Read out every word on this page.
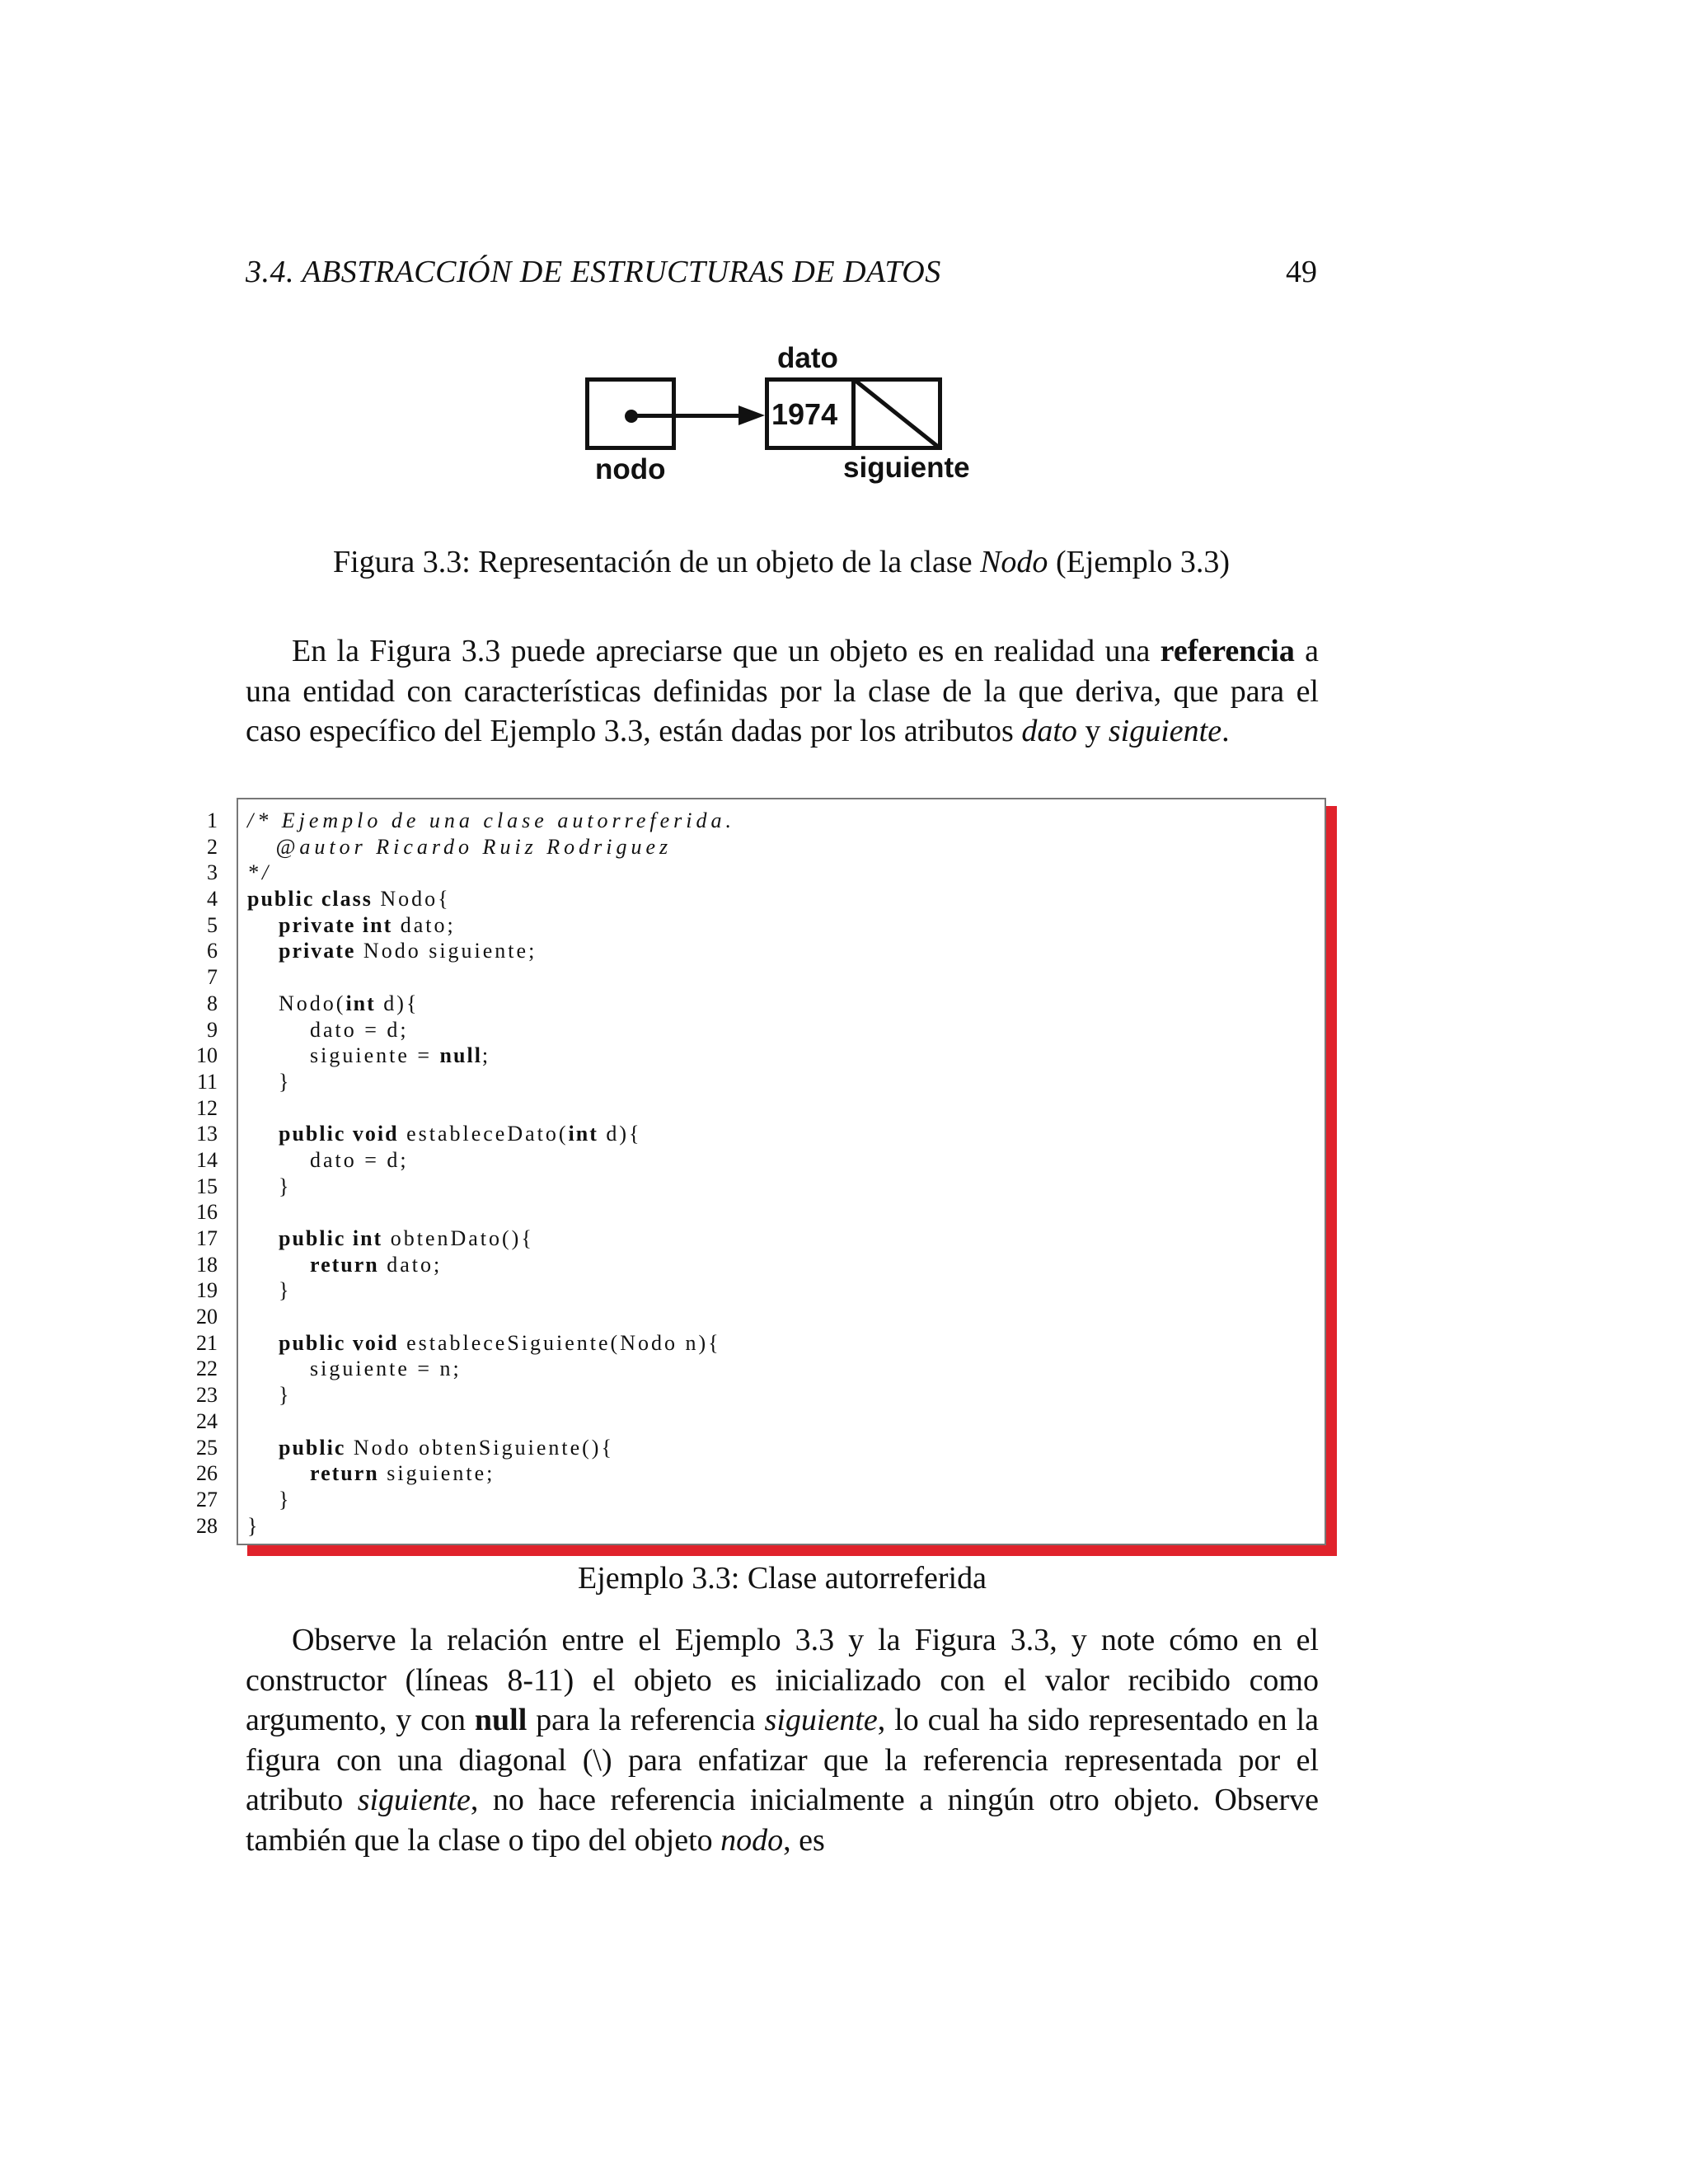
3.4. ABSTRACCIÓN DE ESTRUCTURAS DE DATOS	49
dato
1974
nodo	siguiente
Figura 3.3: Representación de un objeto de la clase Nodo (Ejemplo 3.3)
En la Figura 3.3 puede apreciarse que un objeto es en realidad una referencia a una entidad con características definidas por la clase de la que deriva, que para el caso específico del Ejemplo 3.3, están dadas por los atributos dato y siguiente.
1
2
3
4
5
6
7
8
9
10
11
12
13
14
15
16
17
18
19
20
21
22
23
24
25
26
27
28
/* Ejemplo de una clase autorreferida.
@autor Ricardo Ruiz Rodriguez
*/
public class Nodo{
private int dato;
private Nodo siguiente;
Nodo(int d){
dato = d;
siguiente = null;
}
public void estableceDato(int d){
dato = d;
}
public int obtenDato(){
return dato;
}
public void estableceSiguiente(Nodo n){
siguiente = n;
}
public Nodo obtenSiguiente(){
return siguiente;
}
}
Ejemplo 3.3: Clase autorreferida
Observe la relación entre el Ejemplo 3.3 y la Figura 3.3, y note cómo en el constructor (líneas 8-11) el objeto es inicializado con el valor recibido como argumento, y con null para la referencia siguiente, lo cual ha sido representado en la figura con una diagonal (\) para enfatizar que la referencia representada por el atributo siguiente, no hace referencia inicialmente a ningún otro objeto. Observe también que la clase o tipo del objeto nodo, es
